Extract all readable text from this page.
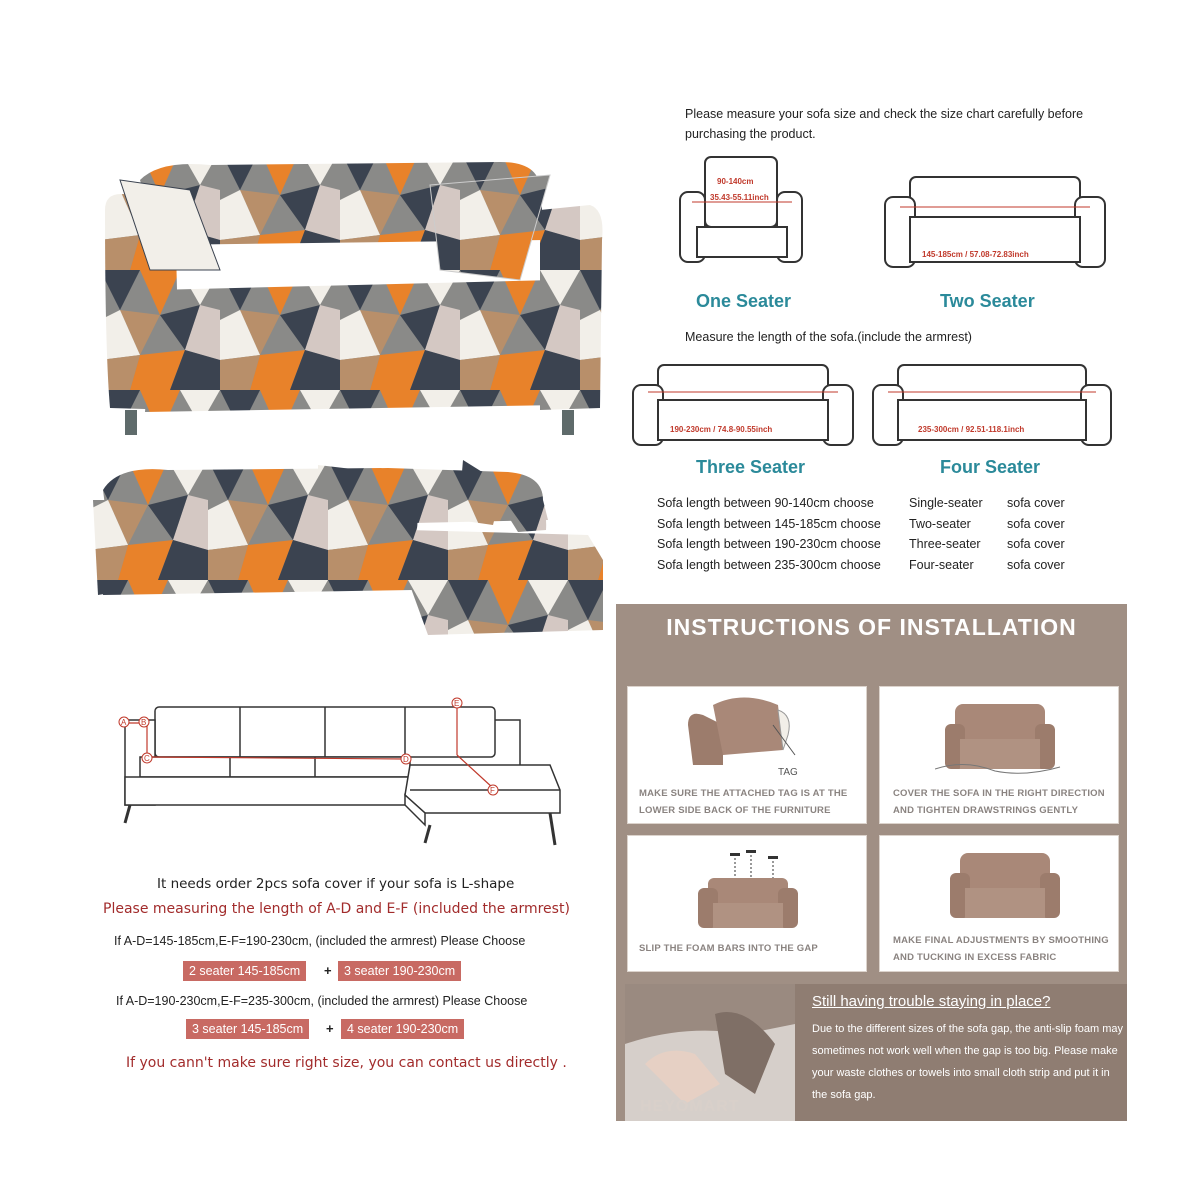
Please measure your sofa size and check the size chart carefully before purchasing the product.
90-140cm
35.43-55.11inch
One Seater
145-185cm / 57.08-72.83inch
Two Seater
Measure the length of the sofa.(include the armrest)
190-230cm / 74.8-90.55inch
Three Seater
235-300cm / 92.51-118.1inch
Four Seater
Sofa length between 90-140cm choose	Single-seater	sofa cover
Sofa length between 145-185cm choose	Two-seater	sofa cover
Sofa length between 190-230cm choose	Three-seater	sofa cover
Sofa length between 235-300cm choose	Four-seater	sofa cover
A B
C	D
E
F
It needs order 2pcs sofa cover if your sofa is L-shape
Please measuring the length of A-D and E-F (included the armrest)
If A-D=145-185cm,E-F=190-230cm, (included the armrest) Please Choose
2 seater 145-185cm	+ 3 seater 190-230cm
If A-D=190-230cm,E-F=235-300cm, (included the armrest) Please Choose
3 seater 145-185cm	+	4 seater 190-230cm
If you cann't make sure right size, you can contact us directly .
INSTRUCTIONS OF INSTALLATION
TAG
MAKE SURE THE ATTACHED TAG IS AT THE
LOWER SIDE BACK OF THE FURNITURE
COVER THE SOFA IN THE RIGHT DIRECTION
AND TIGHTEN DRAWSTRINGS GENTLY
SLIP THE FOAM BARS INTO THE GAP
MAKE FINAL ADJUSTMENTS BY SMOOTHING
AND TUCKING IN EXCESS FABRIC
Still having trouble staying in place?
Due to the different sizes of the sofa gap, the anti-slip foam may sometimes not work well when the gap is too big. Please make your waste clothes or towels into small cloth strip and put it in the sofa gap.
HEYOMART
